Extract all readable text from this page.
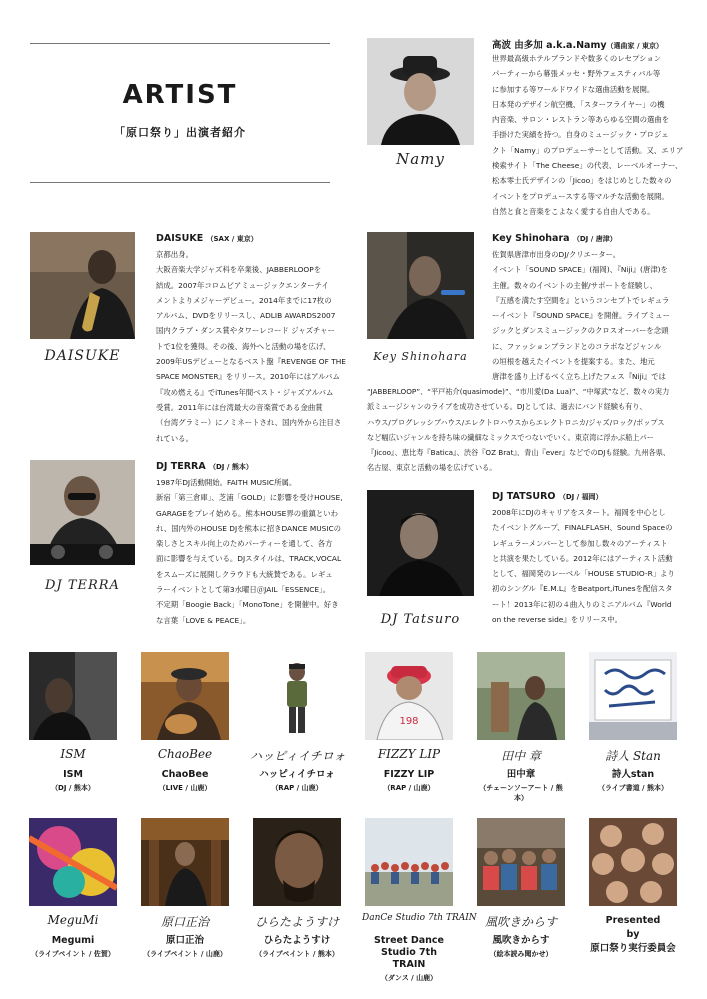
ARTIST
「原口祭り」出演者紹介
Namy
高波 由多加 a.k.a.Namy（選曲家 / 東京）
世界最高級ホテルブランドや数多くのレセプション
パーティーから幕張メッセ・野外フェスティバル等
に参加する等ワールドワイドな選曲活動を展開。
日本発のデザイン航空機、「スターフライヤー」の機
内音楽、サロン・レストラン等あらゆる空間の選曲を
手掛けた実績を持つ。自身のミュージック・プロジェ
クト「Namy」のプロデューサーとして活動。又、エリア
検索サイト「The Cheese」の代表、レーベルオーナー、
松本零士氏デザインの「Jicoo」をはじめとした数々の
イベントをプロデュースする等マルチな活動を展開。
自然と食と音楽をこよなく愛する自由人である。
DAISUKE
DAISUKE （SAX / 東京）
京都出身。
大阪音楽大学ジャズ科を卒業後、JABBERLOOPを
結成。2007年コロムビアミュージックエンターテイ
メントよりメジャーデビュー。2014年までに17枚の
アルバム、DVDをリリースし、ADLIB AWARDS2007
国内クラブ・ダンス賞やタワーレコード ジャズチャー
トで1位を獲得。その後、海外へと活動の場を広げ、
2009年USデビューとなるベスト盤『REVENGE OF THE
SPACE MONSTER』をリリース。2010年にはアルバム
『攻め燃える』でiTunes年間ベスト・ジャズアルバム
受賞。2011年には台湾最大の音楽賞である金曲賞
（台湾グラミー）にノミネートされ、国内外から注目さ
れている。
Key Shinohara
Key Shinohara （DJ / 唐津）
佐賀県唐津市出身のDJ/クリエーター。
イベント「SOUND SPACE」(福岡)、『Niji』(唐津)を
主催。数々のイベントの主催/サポートを経験し、
『五感を満たす空間を』というコンセプトでレギュラ
ーイベント『SOUND SPACE』を開催。ライブミュー
ジックとダンスミュージックのクロスオーバーを念頭
に、ファッションブランドとのコラボなどジャンル
の垣根を越えたイベントを提案する。また、地元
唐津を盛り上げるべく立ち上げたフェス『Niji』では
“JABBERLOOP”、“平戸祐介(quasimode)”、“市川愛(Da Lua)”、“中塚武”など、数々の実力
派ミュージシャンのライブを成功させている。DJとしては、過去にバンド経験も有り、
ハウス/プログレッシブハウス/エレクトロハウスからエレクトロニカ/ジャズ/ロック/ポップス
など幅広いジャンルを持ち味の繊細なミックスでつないでいく。東京湾に浮かぶ船上パー
『Jicoo』、恵比寿『Batica』、渋谷『OZ Brat』、青山『ever』などでのDJも経験。九州各県、
名古屋、東京と活動の場を広げている。
DJ TERRA
DJ TERRA （DJ / 熊本）
1987年DJ活動開始。FAITH MUSIC所属。
新宿「第三倉庫」、芝浦「GOLD」に影響を受けHOUSE,
GARAGEをプレイ始める。熊本HOUSE界の重鎮といわ
れ、国内外のHOUSE DJを熊本に招きDANCE MUSICの
楽しさとスキル向上のためパーティーを通して、各方
面に影響を与えている。DJスタイルは、TRACK,VOCAL
をスムーズに展開しクラウドも大統賛である。レギュ
ラーイベントとして第3水曜日＠JAIL「ESSENCE」。
不定期「Boogie Back」「MonoTone」を開催中。好き
な言葉「LOVE & PEACE」。	DJ Tatsuro
DJ TATSURO （DJ / 福岡）
2008年にDJのキャリアをスタート。福岡を中心とし
たイベントグループ、FINALFLASH、Sound Spaceの
レギュラーメンバーとして参加し数々のアーティスト
と共演を果たしている。2012年にはアーティスト活動
として、福岡発のレーベル「HOUSE STUDIO-R」より
初のシングル『E.M.L』をBeatport,iTunesを配信スタ
ート！2013年に初の４曲入りのミニアルバム『World
on the reverse side』をリリース中。
ISM
ISM
（DJ / 熊本）
ChaoBee
ChaoBee
（LIVE / 山鹿）
ハッピィイチロォ
ハッピィイチロォ
（RAP / 山鹿）
198
FIZZY LIP
FIZZY LIP
（RAP / 山鹿）
田中 章
田中章
（チェーンソーアート / 熊本）
詩人 Stan
詩人stan
（ライブ書道 / 熊本）
MeguMi
Megumi
（ライブペイント / 佐賀）
原口正治
原口正治
（ライブペイント / 山鹿）
ひらたようすけ
ひらたようすけ
（ライブペイント / 熊本）
DanCe Studio 7th TRAIN
Street Dance Studio 7th TRAIN
（ダンス / 山鹿）
風吹きからす
風吹きからす
（絵本読み聞かせ）
Presented
by
原口祭り実行委員会
